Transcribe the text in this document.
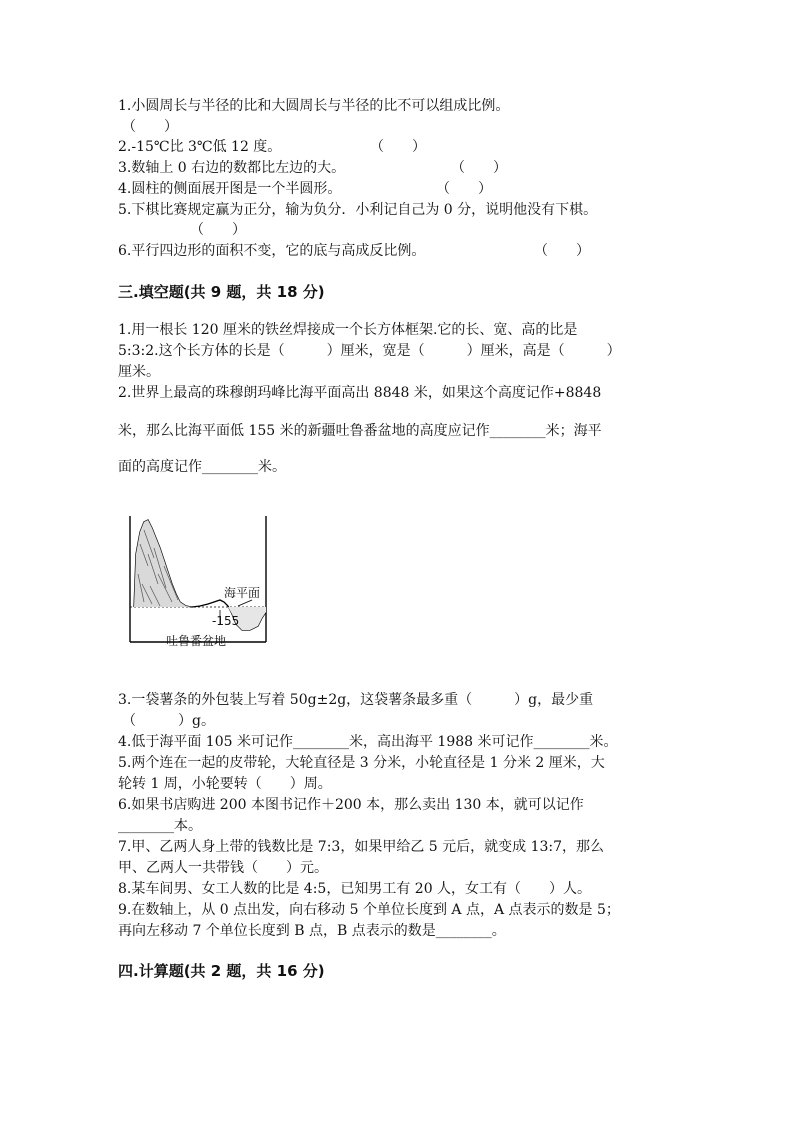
1.小圆周长与半径的比和大圆周长与半径的比不可以组成比例。
（　　）
2.-15℃比 3℃低 12 度。	（　　）
3.数轴上 0 右边的数都比左边的大。	（　　）
4.圆柱的侧面展开图是一个半圆形。	（　　）
5.下棋比赛规定赢为正分，输为负分．小利记自己为 0 分，说明他没有下棋。
（　　）
6.平行四边形的面积不变，它的底与高成反比例。	（　　）
三.填空题(共 9 题，共 18 分)
1.用一根长 120 厘米的铁丝焊接成一个长方体框架.它的长、宽、高的比是
5:3:2.这个长方体的长是（　　　）厘米，宽是（　　　）厘米，高是（　　　）
厘米。
2.世界上最高的珠穆朗玛峰比海平面高出 8848 米，如果这个高度记作+8848
米，那么比海平面低 155 米的新疆吐鲁番盆地的高度应记作________米；海平
面的高度记作________米。
海平面
-155
吐鲁番盆地
3.一袋薯条的外包装上写着 50g±2g，这袋薯条最多重（　　　）g，最少重
（　　　）g。
4.低于海平面 105 米可记作________米，高出海平 1988 米可记作________米。
5.两个连在一起的皮带轮，大轮直径是 3 分米，小轮直径是 1 分米 2 厘米，大
轮转 1 周，小轮要转（　　）周。
6.如果书店购进 200 本图书记作＋200 本，那么卖出 130 本，就可以记作
________本。
7.甲、乙两人身上带的钱数比是 7:3，如果甲给乙 5 元后，就变成 13:7，那么
甲、乙两人一共带钱（　　）元。
8.某车间男、女工人数的比是 4:5，已知男工有 20 人，女工有（　　）人。
9.在数轴上，从 0 点出发，向右移动 5 个单位长度到 A 点，A 点表示的数是 5；
再向左移动 7 个单位长度到 B 点，B 点表示的数是________。
四.计算题(共 2 题，共 16 分)
